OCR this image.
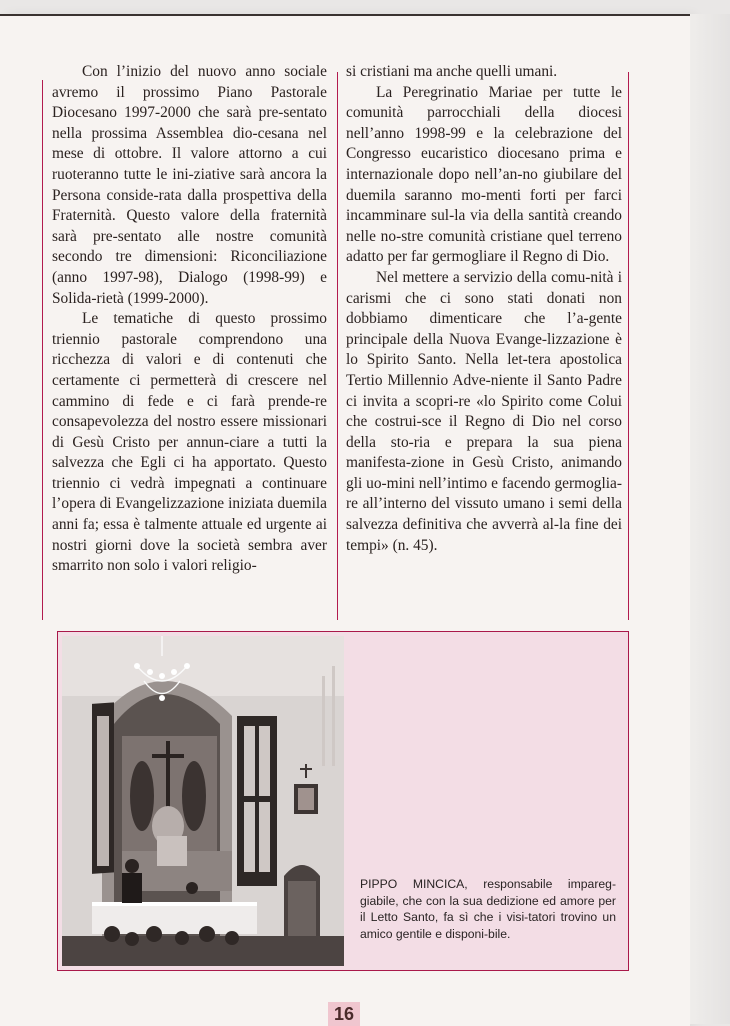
Con l’inizio del nuovo anno sociale avremo il prossimo Piano Pastorale Diocesano 1997-2000 che sarà pre-sentato nella prossima Assemblea dio-cesana nel mese di ottobre. Il valore attorno a cui ruoteranno tutte le ini-ziative sarà ancora la Persona conside-rata dalla prospettiva della Fraternità. Questo valore della fraternità sarà pre-sentato alle nostre comunità secondo tre dimensioni: Riconciliazione (anno 1997-98), Dialogo (1998-99) e Solida-rietà (1999-2000).

Le tematiche di questo prossimo triennio pastorale comprendono una ricchezza di valori e di contenuti che certamente ci permetterà di crescere nel cammino di fede e ci farà prende-re consapevolezza del nostro essere missionari di Gesù Cristo per annun-ciare a tutti la salvezza che Egli ci ha apportato. Questo triennio ci vedrà impegnati a continuare l’opera di Evangelizzazione iniziata duemila anni fa; essa è talmente attuale ed urgente ai nostri giorni dove la società sembra aver smarrito non solo i valori religio-

si cristiani ma anche quelli umani.

La Peregrinatio Mariae per tutte le comunità parrocchiali della diocesi nell’anno 1998-99 e la celebrazione del Congresso eucaristico diocesano prima e internazionale dopo nell’an-no giubilare del duemila saranno mo-menti forti per farci incamminare sul-la via della santità creando nelle no-stre comunità cristiane quel terreno adatto per far germogliare il Regno di Dio.

Nel mettere a servizio della comu-nità i carismi che ci sono stati donati non dobbiamo dimenticare che l’a-gente principale della Nuova Evange-lizzazione è lo Spirito Santo. Nella let-tera apostolica Tertio Millennio Adve-niente il Santo Padre ci invita a scopri-re «lo Spirito come Colui che costrui-sce il Regno di Dio nel corso della sto-ria e prepara la sua piena manifesta-zione in Gesù Cristo, animando gli uo-mini nell’intimo e facendo germoglia-re all’interno del vissuto umano i semi della salvezza definitiva che avverrà al-la fine dei tempi» (n. 45).

PIPPO MINCICA, responsabile impareg-giabile, che con la sua dedizione ed amore per il Letto Santo, fa sì che i visi-tatori trovino un amico gentile e disponi-bile.
16
